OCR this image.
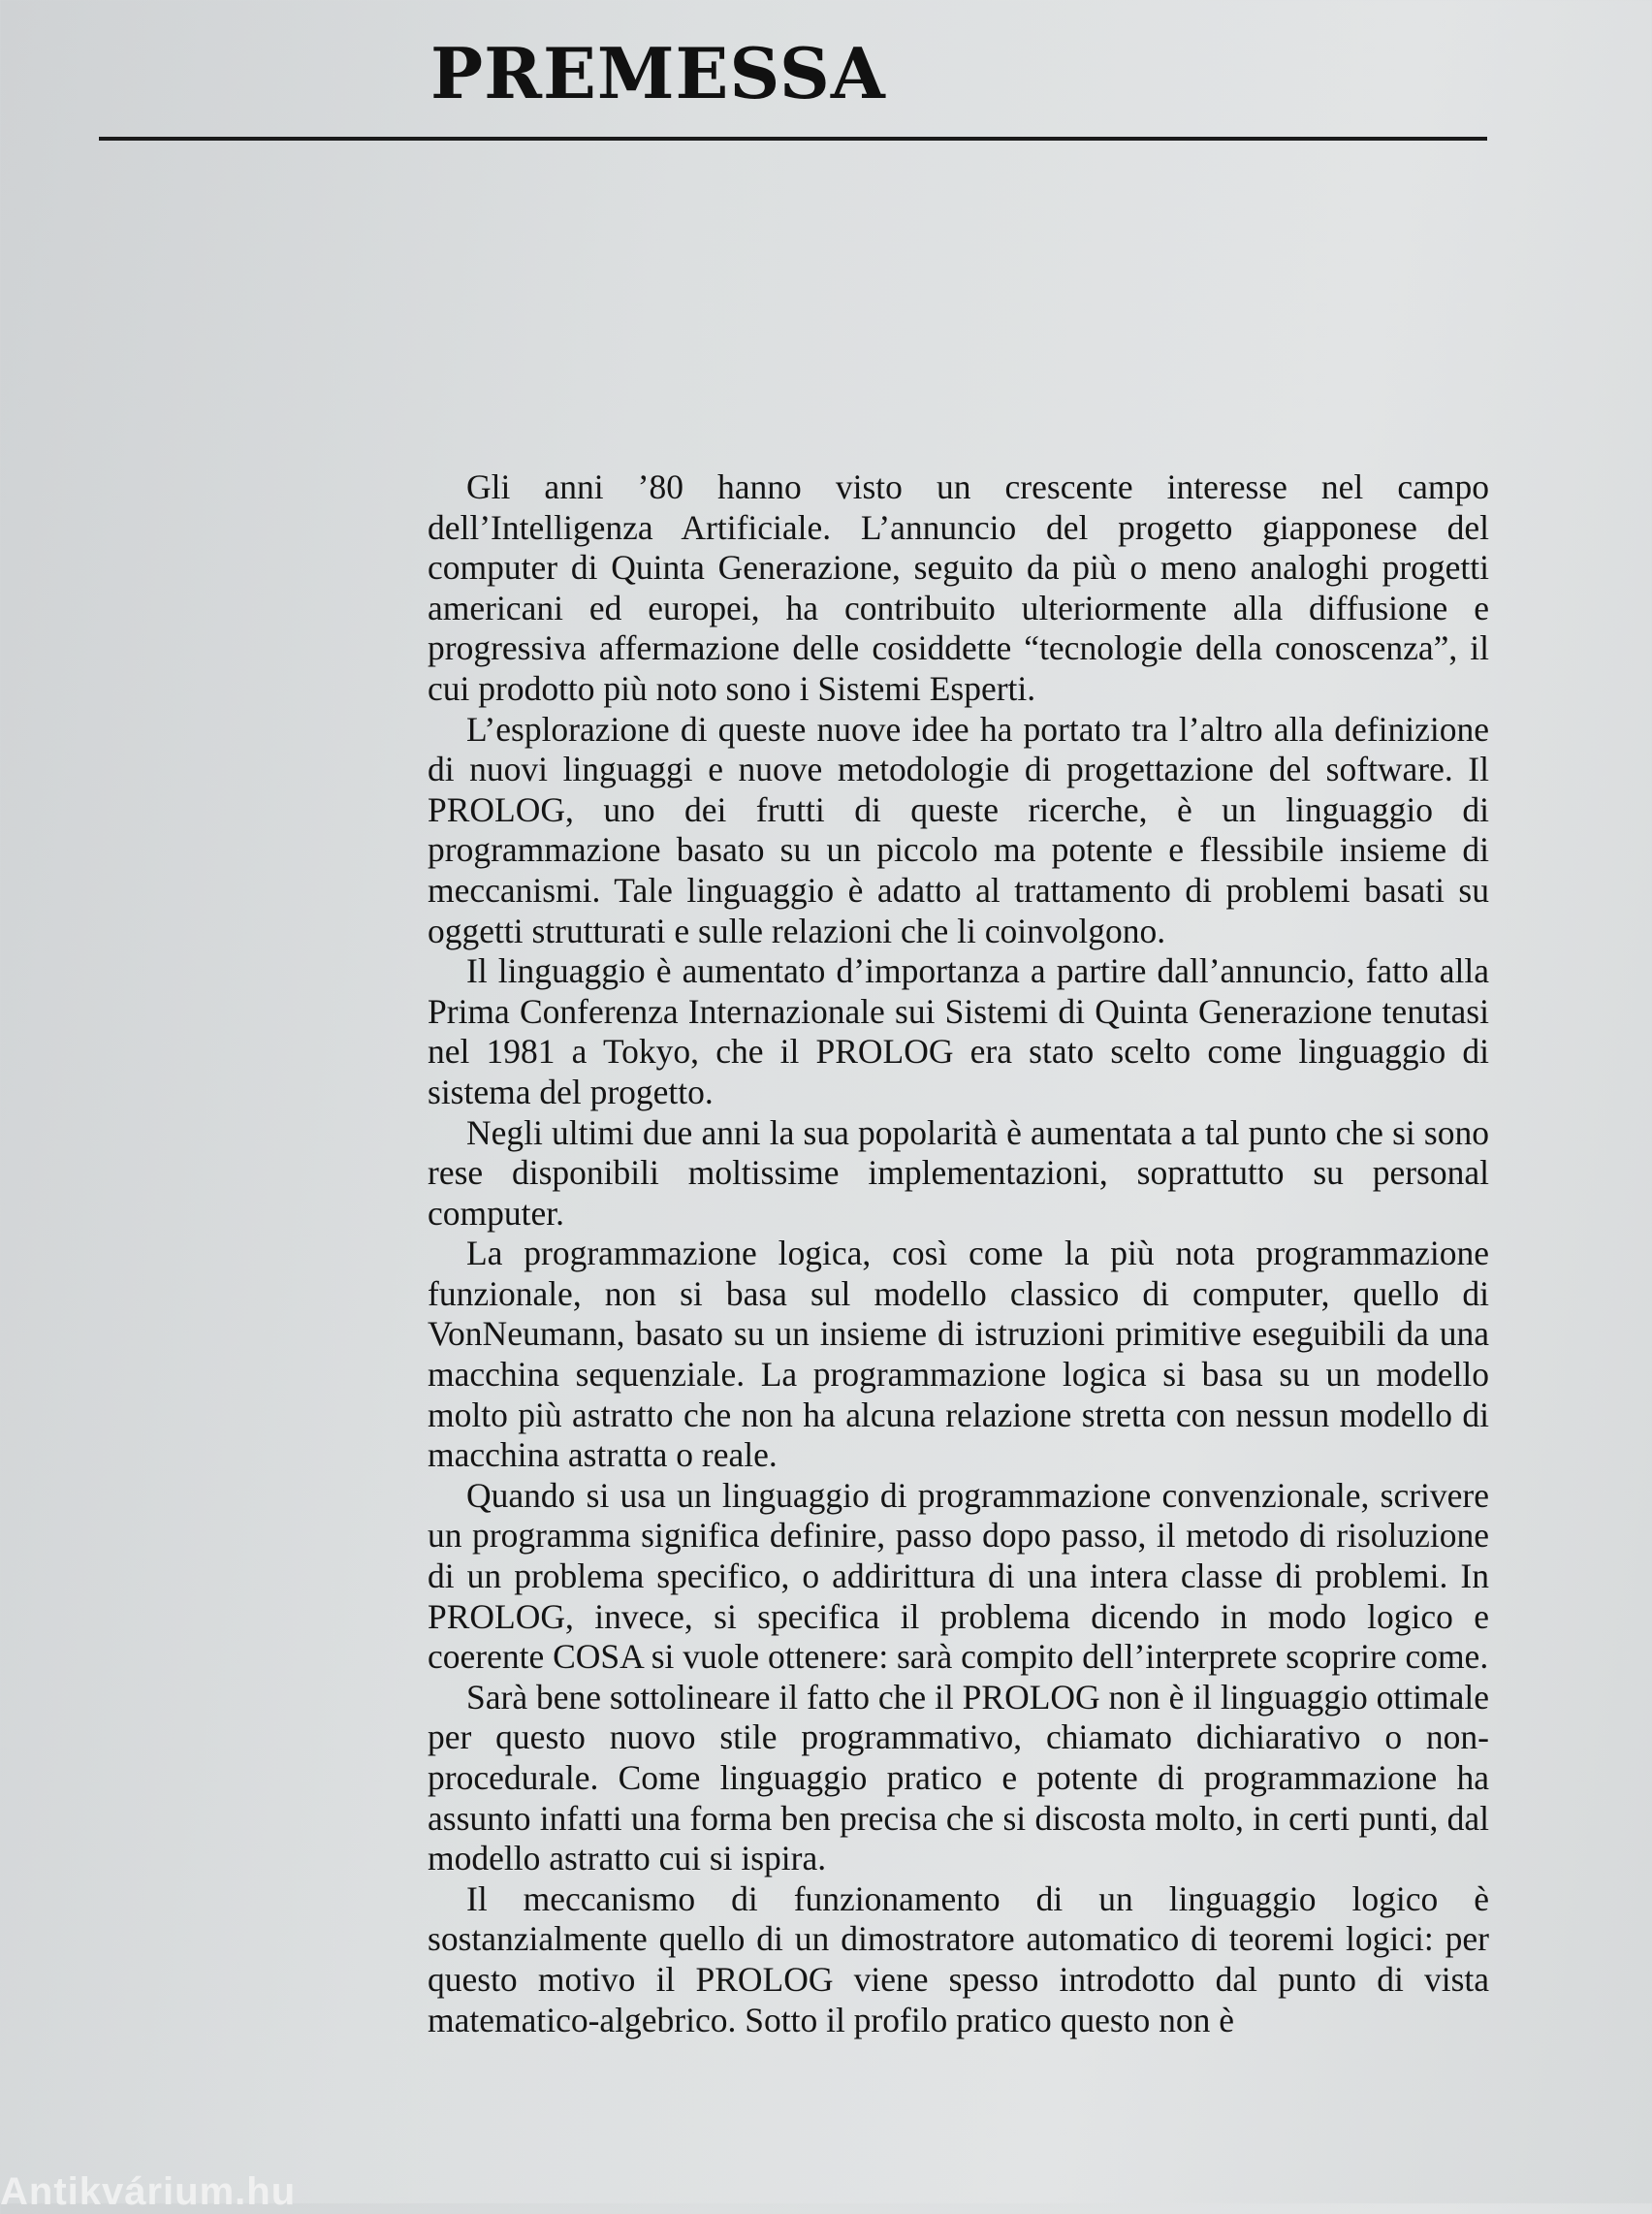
PREMESSA

Gli anni ’80 hanno visto un crescente interesse nel campo dell’Intelligenza Artificiale. L’annuncio del progetto giapponese del computer di Quinta Generazione, seguito da più o meno analoghi progetti americani ed europei, ha contribuito ulteriormente alla diffusione e progressiva affermazione delle cosiddette “tecnologie della conoscenza”, il cui prodotto più noto sono i Sistemi Esperti.

L’esplorazione di queste nuove idee ha portato tra l’altro alla definizione di nuovi linguaggi e nuove metodologie di progettazione del software. Il PROLOG, uno dei frutti di queste ricerche, è un linguaggio di programmazione basato su un piccolo ma potente e flessibile insieme di meccanismi. Tale linguaggio è adatto al trattamento di problemi basati su oggetti strutturati e sulle relazioni che li coinvolgono.

Il linguaggio è aumentato d’importanza a partire dall’annuncio, fatto alla Prima Conferenza Internazionale sui Sistemi di Quinta Generazione tenutasi nel 1981 a Tokyo, che il PROLOG era stato scelto come linguaggio di sistema del progetto.

Negli ultimi due anni la sua popolarità è aumentata a tal punto che si sono rese disponibili moltissime implementazioni, soprattutto su personal computer.

La programmazione logica, così come la più nota programmazione funzionale, non si basa sul modello classico di computer, quello di VonNeumann, basato su un insieme di istruzioni primitive eseguibili da una macchina sequenziale. La programmazione logica si basa su un modello molto più astratto che non ha alcuna relazione stretta con nessun modello di macchina astratta o reale.

Quando si usa un linguaggio di programmazione convenzionale, scrivere un programma significa definire, passo dopo passo, il metodo di risoluzione di un problema specifico, o addirittura di una intera classe di problemi. In PROLOG, invece, si specifica il problema dicendo in modo logico e coerente COSA si vuole ottenere: sarà compito dell’interprete scoprire come.

Sarà bene sottolineare il fatto che il PROLOG non è il linguaggio ottimale per questo nuovo stile programmativo, chiamato dichiarativo o non-procedurale. Come linguaggio pratico e potente di programmazione ha assunto infatti una forma ben precisa che si discosta molto, in certi punti, dal modello astratto cui si ispira.

Il meccanismo di funzionamento di un linguaggio logico è sostanzialmente quello di un dimostratore automatico di teoremi logici: per questo motivo il PROLOG viene spesso introdotto dal punto di vista matematico-algebrico. Sotto il profilo pratico questo non è

Antikvárium.hu
